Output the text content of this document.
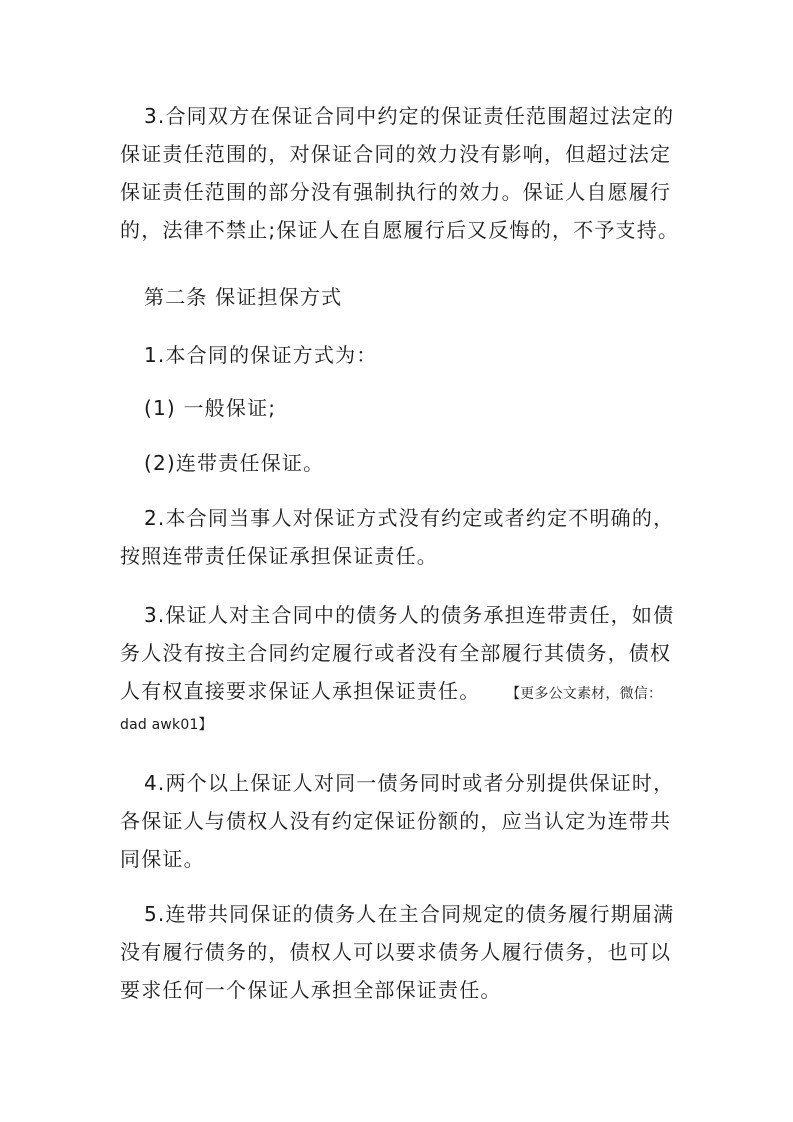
3.合同双方在保证合同中约定的保证责任范围超过法定的
保证责任范围的，对保证合同的效力没有影响，但超过法定
保证责任范围的部分没有强制执行的效力。保证人自愿履行
的，法律不禁止;保证人在自愿履行后又反悔的，不予支持。
第二条 保证担保方式
1.本合同的保证方式为：
(1) 一般保证;
(2)连带责任保证。
2.本合同当事人对保证方式没有约定或者约定不明确的，
按照连带责任保证承担保证责任。
3.保证人对主合同中的债务人的债务承担连带责任，如债
务人没有按主合同约定履行或者没有全部履行其债务，债权
人有权直接要求保证人承担保证责任。 【更多公文素材，微信：
dad awk01】
4.两个以上保证人对同一债务同时或者分别提供保证时，
各保证人与债权人没有约定保证份额的，应当认定为连带共
同保证。
5.连带共同保证的债务人在主合同规定的债务履行期届满
没有履行债务的，债权人可以要求债务人履行债务，也可以
要求任何一个保证人承担全部保证责任。
